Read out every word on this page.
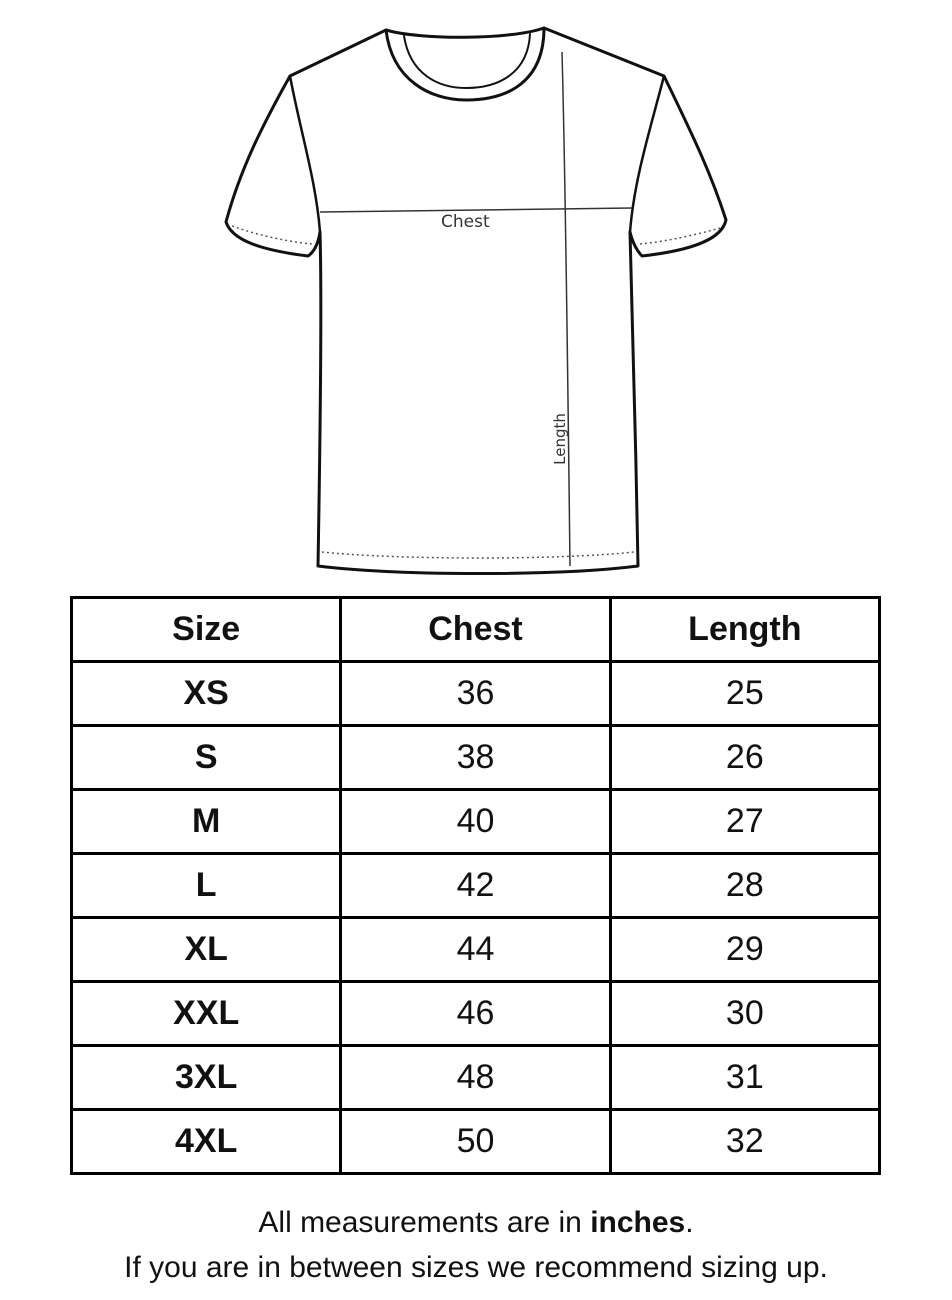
Chest
Length
Size	Chest	Length
XS	36	25
S	38	26
M	40	27
L	42	28
XL	44	29
XXL	46	30
3XL	48	31
4XL	50	32
All measurements are in inches.
If you are in between sizes we recommend sizing up.
